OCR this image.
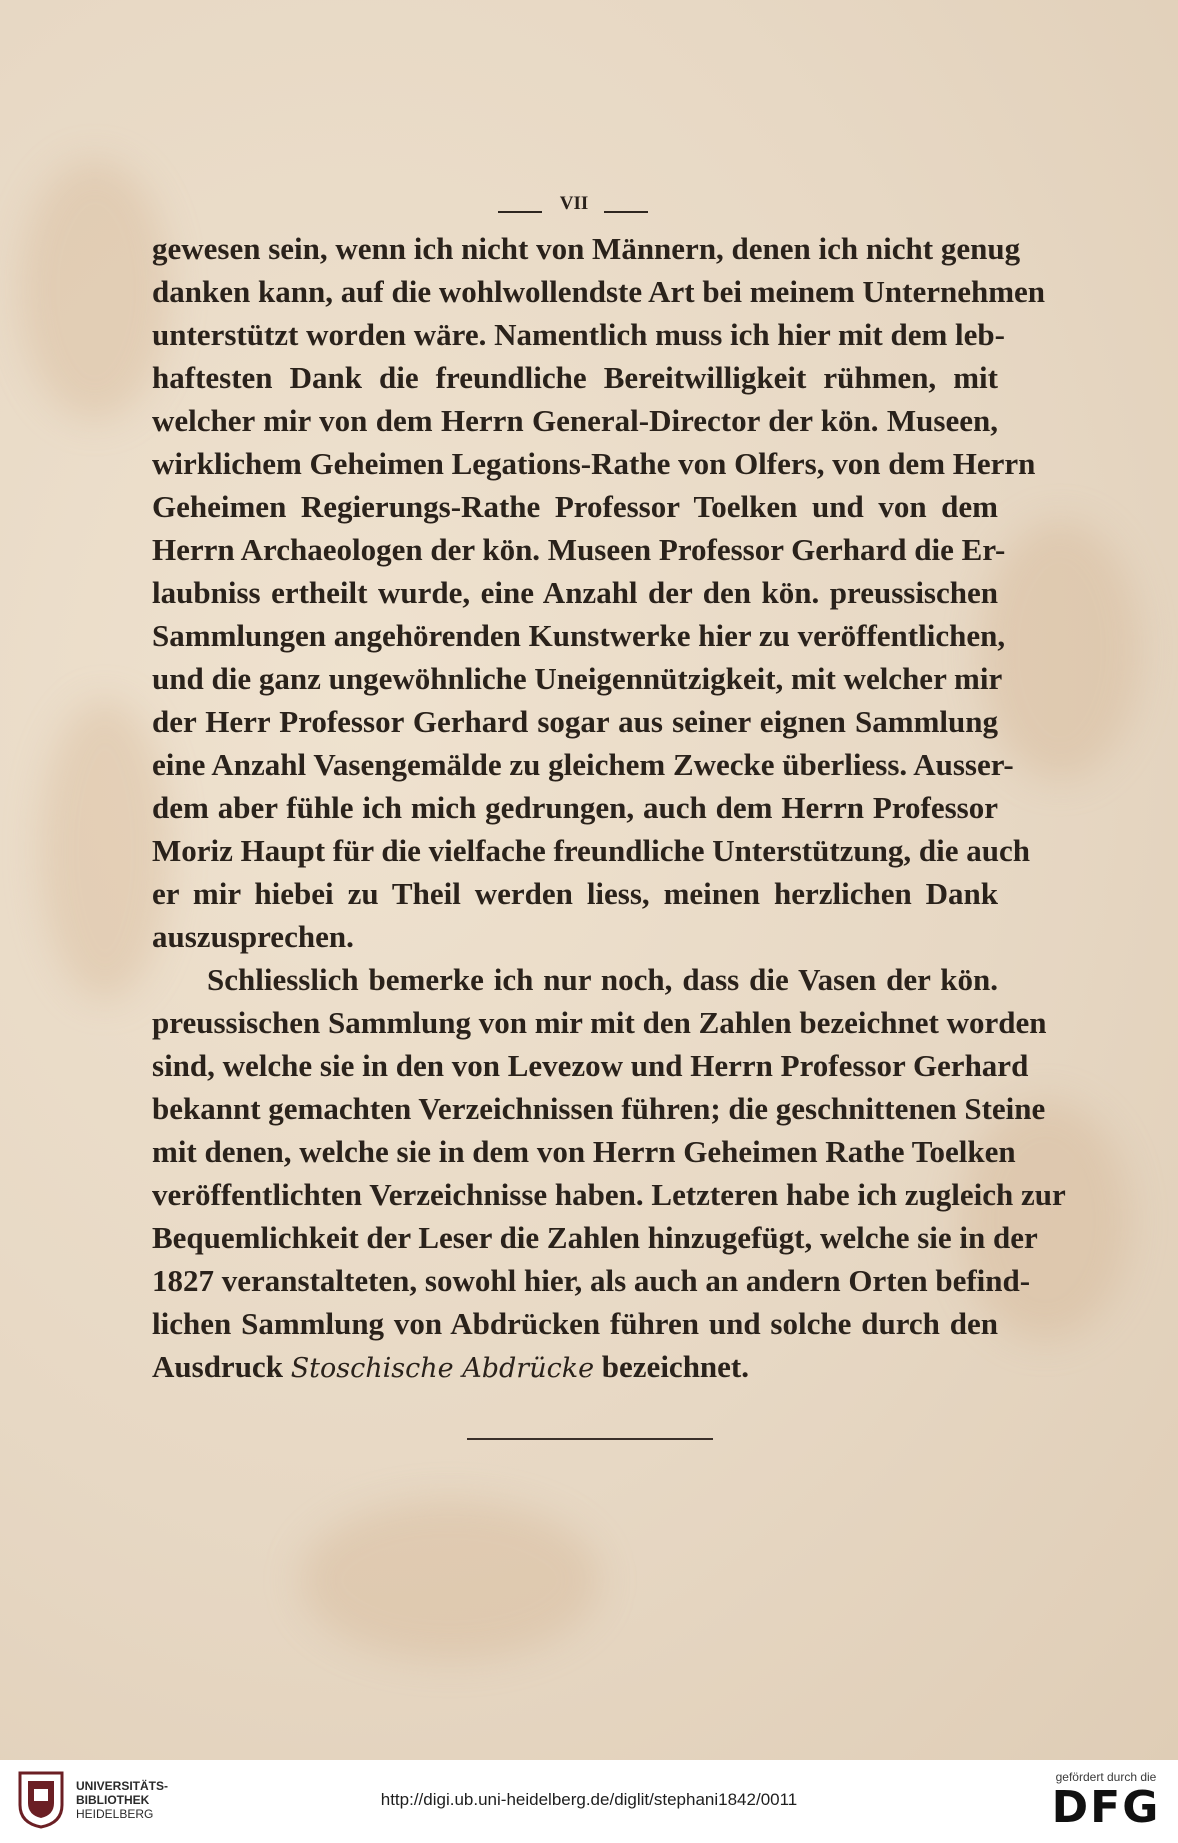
VII
gewesen sein, wenn ich nicht von Männern, denen ich nicht genug
danken kann, auf die wohlwollendste Art bei meinem Unternehmen
unterstützt worden wäre. Namentlich muss ich hier mit dem leb-
haftesten Dank die freundliche Bereitwilligkeit rühmen, mit
welcher mir von dem Herrn General-Director der kön. Museen,
wirklichem Geheimen Legations-Rathe von Olfers, von dem Herrn
Geheimen Regierungs-Rathe Professor Toelken und von dem
Herrn Archaeologen der kön. Museen Professor Gerhard die Er-
laubniss ertheilt wurde, eine Anzahl der den kön. preussischen
Sammlungen angehörenden Kunstwerke hier zu veröffentlichen,
und die ganz ungewöhnliche Uneigennützigkeit, mit welcher mir
der Herr Professor Gerhard sogar aus seiner eignen Sammlung
eine Anzahl Vasengemälde zu gleichem Zwecke überliess. Ausser-
dem aber fühle ich mich gedrungen, auch dem Herrn Professor
Moriz Haupt für die vielfache freundliche Unterstützung, die auch
er mir hiebei zu Theil werden liess, meinen herzlichen Dank
auszusprechen.
Schliesslich bemerke ich nur noch, dass die Vasen der kön.
preussischen Sammlung von mir mit den Zahlen bezeichnet worden
sind, welche sie in den von Levezow und Herrn Professor Gerhard
bekannt gemachten Verzeichnissen führen; die geschnittenen Steine
mit denen, welche sie in dem von Herrn Geheimen Rathe Toelken
veröffentlichten Verzeichnisse haben. Letzteren habe ich zugleich zur
Bequemlichkeit der Leser die Zahlen hinzugefügt, welche sie in der
1827 veranstalteten, sowohl hier, als auch an andern Orten befind-
lichen Sammlung von Abdrücken führen und solche durch den
Ausdruck Stoschische Abdrücke bezeichnet.
UNIVERSITÄTS-
BIBLIOTHEK
HEIDELBERG
http://digi.ub.uni-heidelberg.de/diglit/stephani1842/0011
gefördert durch die
DFG
